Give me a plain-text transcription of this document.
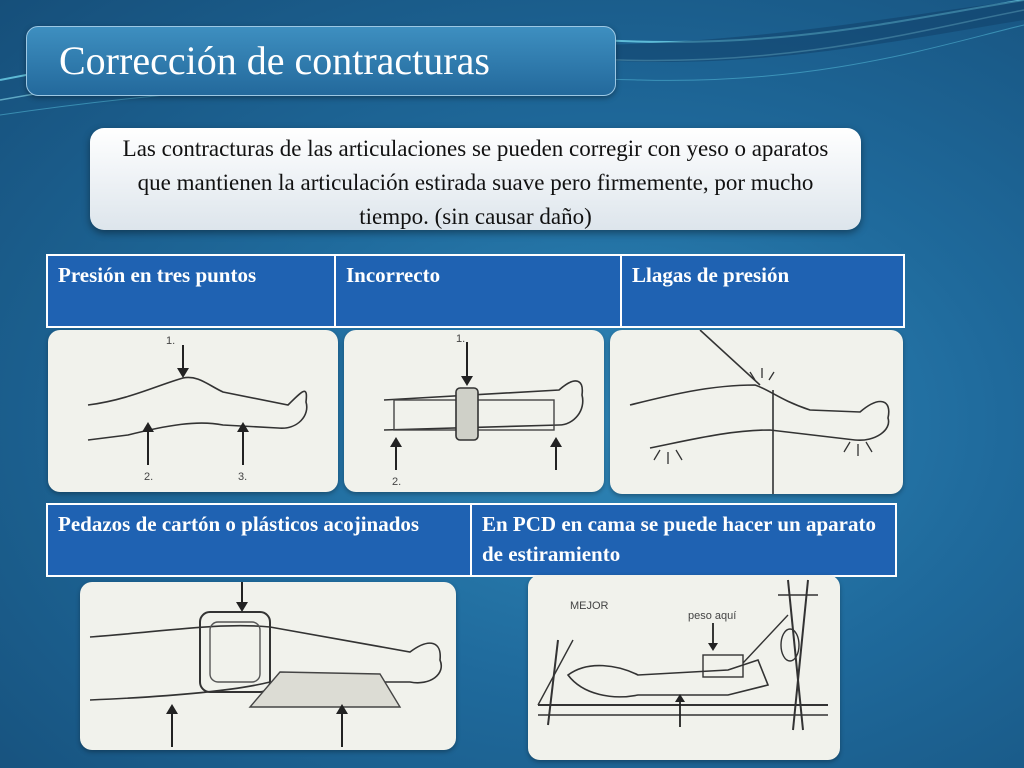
Corrección de contracturas
Las contracturas de las articulaciones se pueden corregir con yeso o aparatos que mantienen la articulación estirada suave pero firmemente, por mucho tiempo. (sin causar daño)
Presión en tres puntos	Incorrecto	Llagas de presión
1.
2.	3.
1.
2.
Pedazos de cartón o plásticos acojinados	En PCD en cama se puede hacer un aparato de estiramiento
MEJOR
peso aquí
